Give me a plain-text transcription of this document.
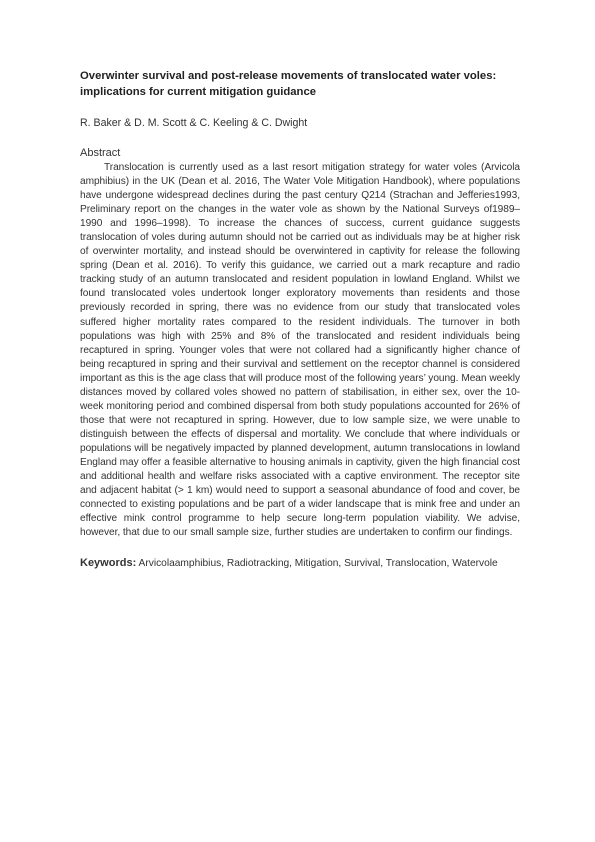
Overwinter survival and post-release movements of translocated water voles: implications for current mitigation guidance
R. Baker & D. M. Scott & C. Keeling & C. Dwight
Abstract

Translocation is currently used as a last resort mitigation strategy for water voles (Arvicola amphibius) in the UK (Dean et al. 2016, The Water Vole Mitigation Handbook), where populations have undergone widespread declines during the past century Q214 (Strachan and Jefferies1993, Preliminary report on the changes in the water vole as shown by the National Surveys of1989–1990 and 1996–1998). To increase the chances of success, current guidance suggests translocation of voles during autumn should not be carried out as individuals may be at higher risk of overwinter mortality, and instead should be overwintered in captivity for release the following spring (Dean et al. 2016). To verify this guidance, we carried out a mark recapture and radio tracking study of an autumn translocated and resident population in lowland England. Whilst we found translocated voles undertook longer exploratory movements than residents and those previously recorded in spring, there was no evidence from our study that translocated voles suffered higher mortality rates compared to the resident individuals. The turnover in both populations was high with 25% and 8% of the translocated and resident individuals being recaptured in spring. Younger voles that were not collared had a significantly higher chance of being recaptured in spring and their survival and settlement on the receptor channel is considered important as this is the age class that will produce most of the following years’ young. Mean weekly distances moved by collared voles showed no pattern of stabilisation, in either sex, over the 10-week monitoring period and combined dispersal from both study populations accounted for 26% of those that were not recaptured in spring. However, due to low sample size, we were unable to distinguish between the effects of dispersal and mortality. We conclude that where individuals or populations will be negatively impacted by planned development, autumn translocations in lowland England may offer a feasible alternative to housing animals in captivity, given the high financial cost and additional health and welfare risks associated with a captive environment. The receptor site and adjacent habitat (> 1 km) would need to support a seasonal abundance of food and cover, be connected to existing populations and be part of a wider landscape that is mink free and under an effective mink control programme to help secure long-term population viability. We advise, however, that due to our small sample size, further studies are undertaken to confirm our findings.

Keywords: Arvicolaamphibius, Radiotracking, Mitigation, Survival, Translocation, Watervole
